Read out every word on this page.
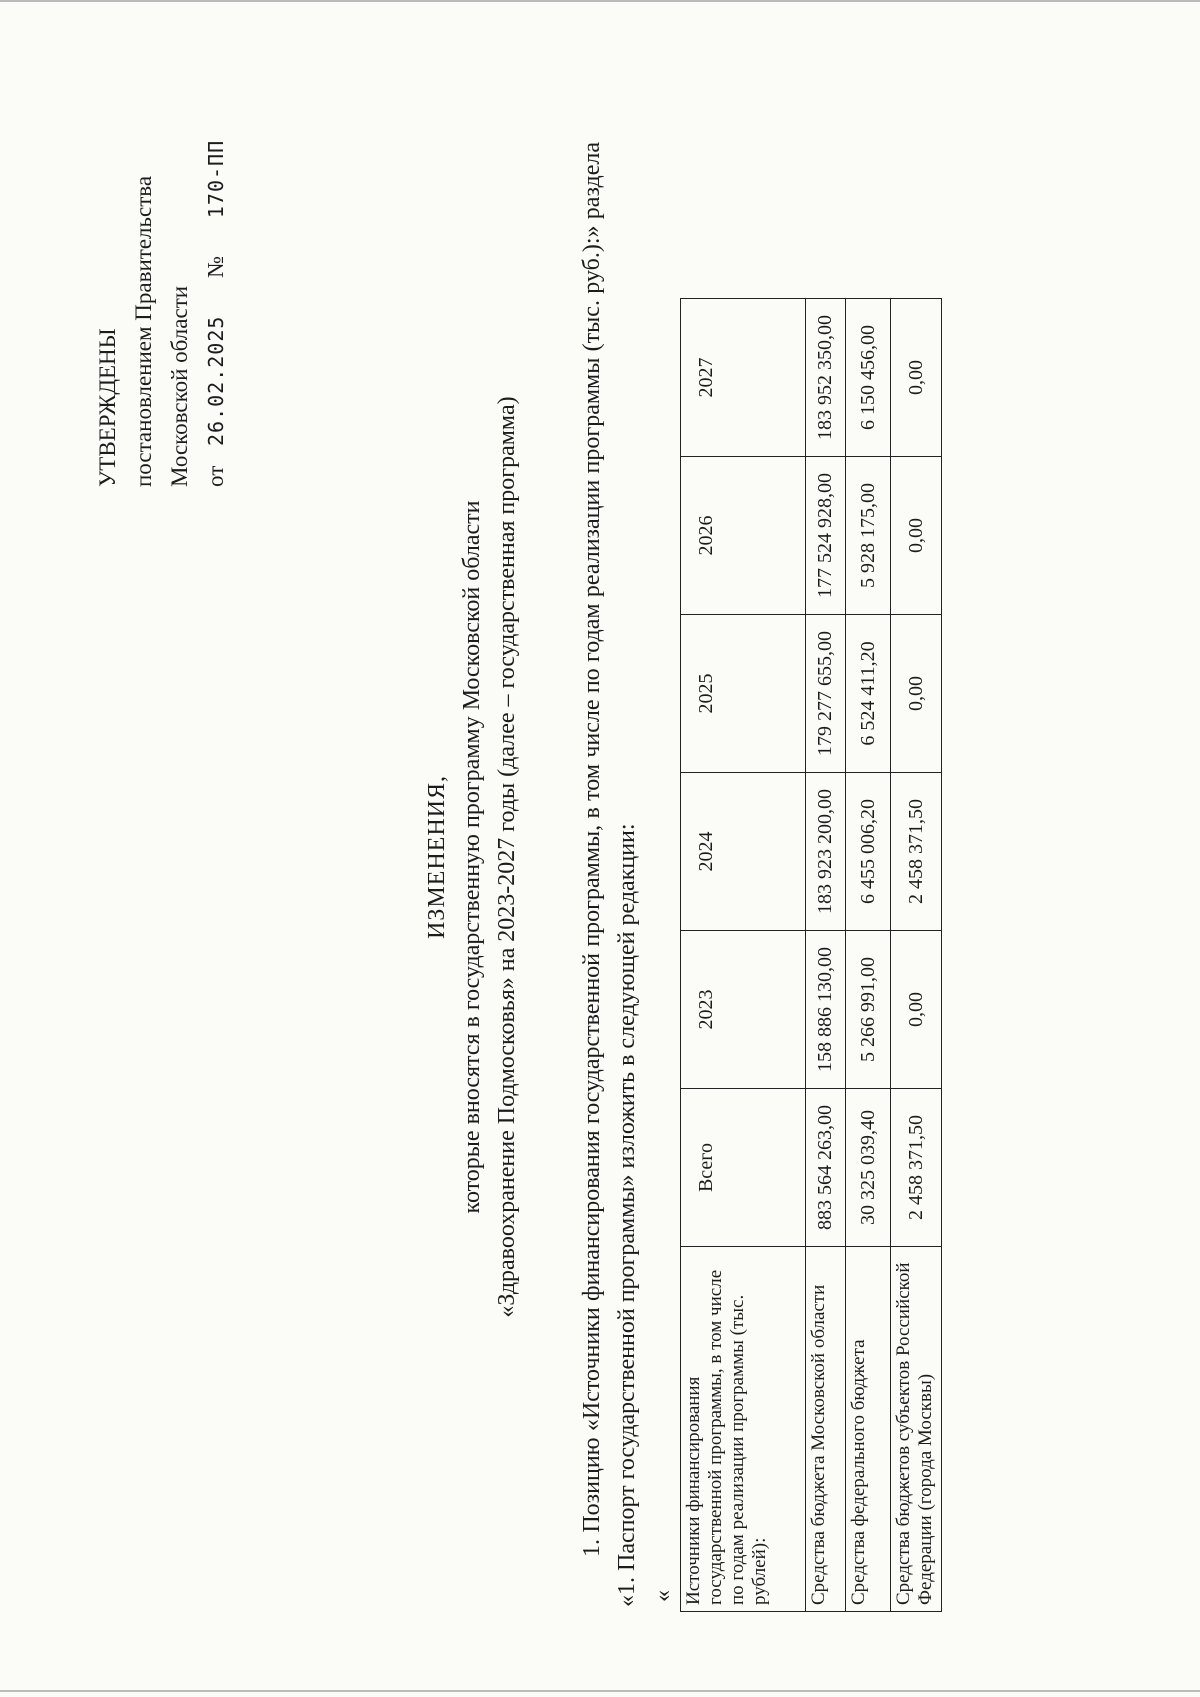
УТВЕРЖДЕНЫ постановлением Правительства Московской области от 26.02.2025 № 170-ПП
ИЗМЕНЕНИЯ, которые вносятся в государственную программу Московской области «Здравоохранение Подмосковья» на 2023-2027 годы (далее – государственная программа) 1. Позицию «Источники финансирования государственной программы, в том числе по годам реализации программы (тыс. руб.):» раздела «1. Паспорт государственной программы» изложить в следующей редакции: « Источники финансирования государственной программы, в том числе по годам реализации программы (тыс. рублей):	Всего	2023	2024	2025	2026	2027
Средства бюджета Московской области	883 564 263,00	158 886 130,00	183 923 200,00	179 277 655,00	177 524 928,00	183 952 350,00
Средства федерального бюджета	30 325 039,40	5 266 991,00	6 455 006,20	6 524 411,20	5 928 175,00	6 150 456,00
Средства бюджетов субъектов Российской Федерации (города Москвы)	2 458 371,50	0,00	2 458 371,50	0,00	0,00	0,00
